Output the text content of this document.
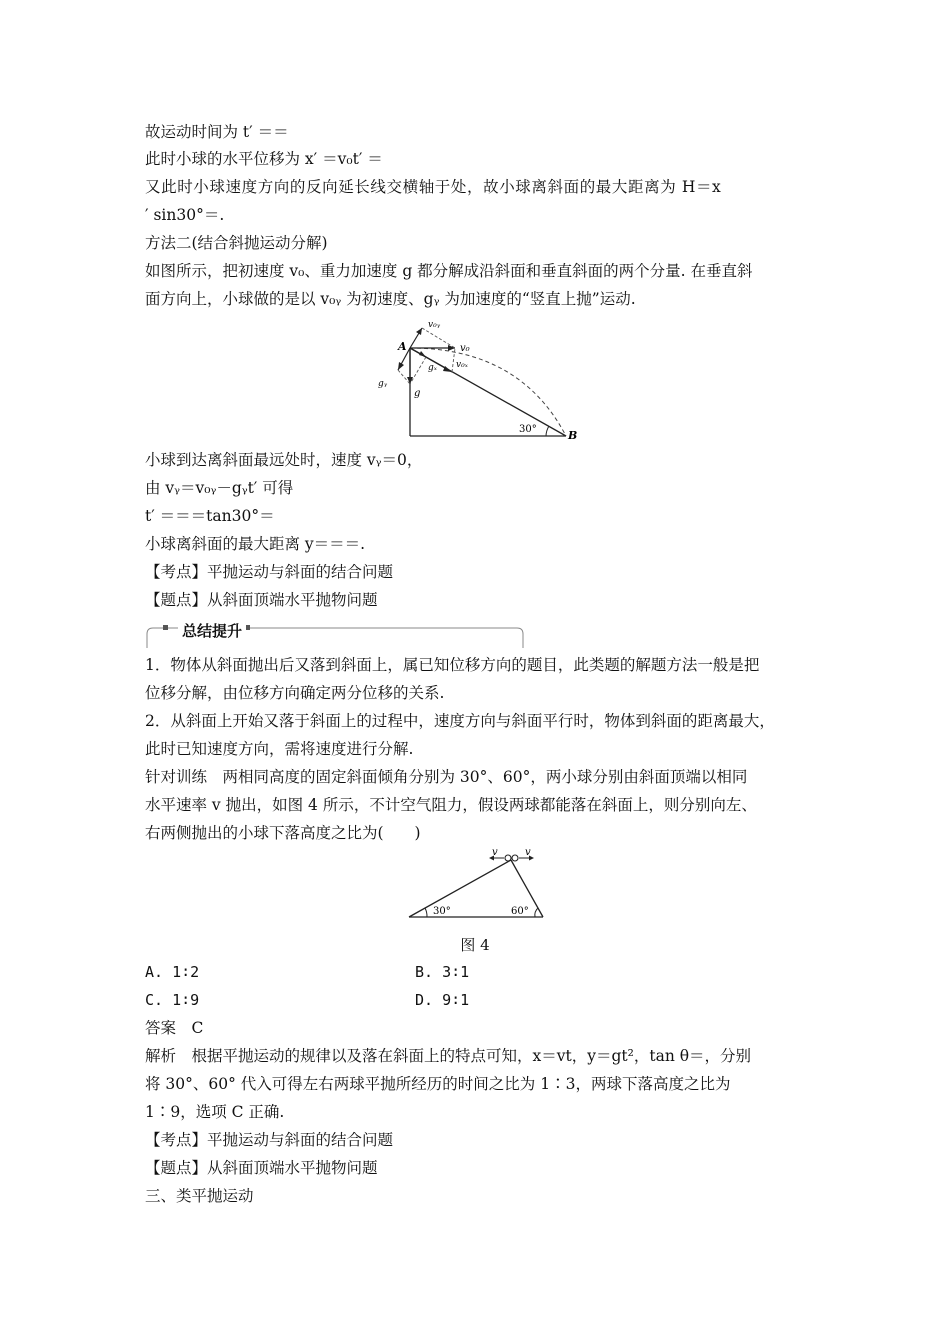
故运动时间为 t′ ＝＝
此时小球的水平位移为 x′ ＝v₀t′ ＝
又此时小球速度方向的反向延长线交横轴于处，故小球离斜面的最大距离为 H＝x
′ sin30°＝.
方法二(结合斜抛运动分解)
如图所示，把初速度 v₀、重力加速度 g 都分解成沿斜面和垂直斜面的两个分量. 在垂直斜
面方向上，小球做的是以 v₀ᵧ 为初速度、gᵧ 为加速度的“竖直上抛”运动.
A
B
v₀
v₀ᵧ
v₀ₓ
g
gᵧ
gₓ
30°
小球到达离斜面最远处时，速度 vᵧ＝0，
由 vᵧ＝v₀ᵧ－gᵧt′ 可得
t′ ＝＝＝tan30°＝
小球离斜面的最大距离 y＝＝＝.
【考点】平抛运动与斜面的结合问题
【题点】从斜面顶端水平抛物问题
总结提升
1．物体从斜面抛出后又落到斜面上，属已知位移方向的题目，此类题的解题方法一般是把
位移分解，由位移方向确定两分位移的关系.
2．从斜面上开始又落于斜面上的过程中，速度方向与斜面平行时，物体到斜面的距离最大，
此时已知速度方向，需将速度进行分解.
针对训练　两相同高度的固定斜面倾角分别为 30°、60°，两小球分别由斜面顶端以相同
水平速率 v 抛出，如图 4 所示，不计空气阻力，假设两球都能落在斜面上，则分别向左、
右两侧抛出的小球下落高度之比为(　　)
v	v
30°	60°
图 4
A. 1∶2	B. 3∶1
C. 1∶9	D. 9∶1
答案　C
解析　根据平抛运动的规律以及落在斜面上的特点可知，x＝vt，y＝gt²，tan θ＝，分别
将 30°、60° 代入可得左右两球平抛所经历的时间之比为 1∶3，两球下落高度之比为
1∶9，选项 C 正确.
【考点】平抛运动与斜面的结合问题
【题点】从斜面顶端水平抛物问题
三、类平抛运动
